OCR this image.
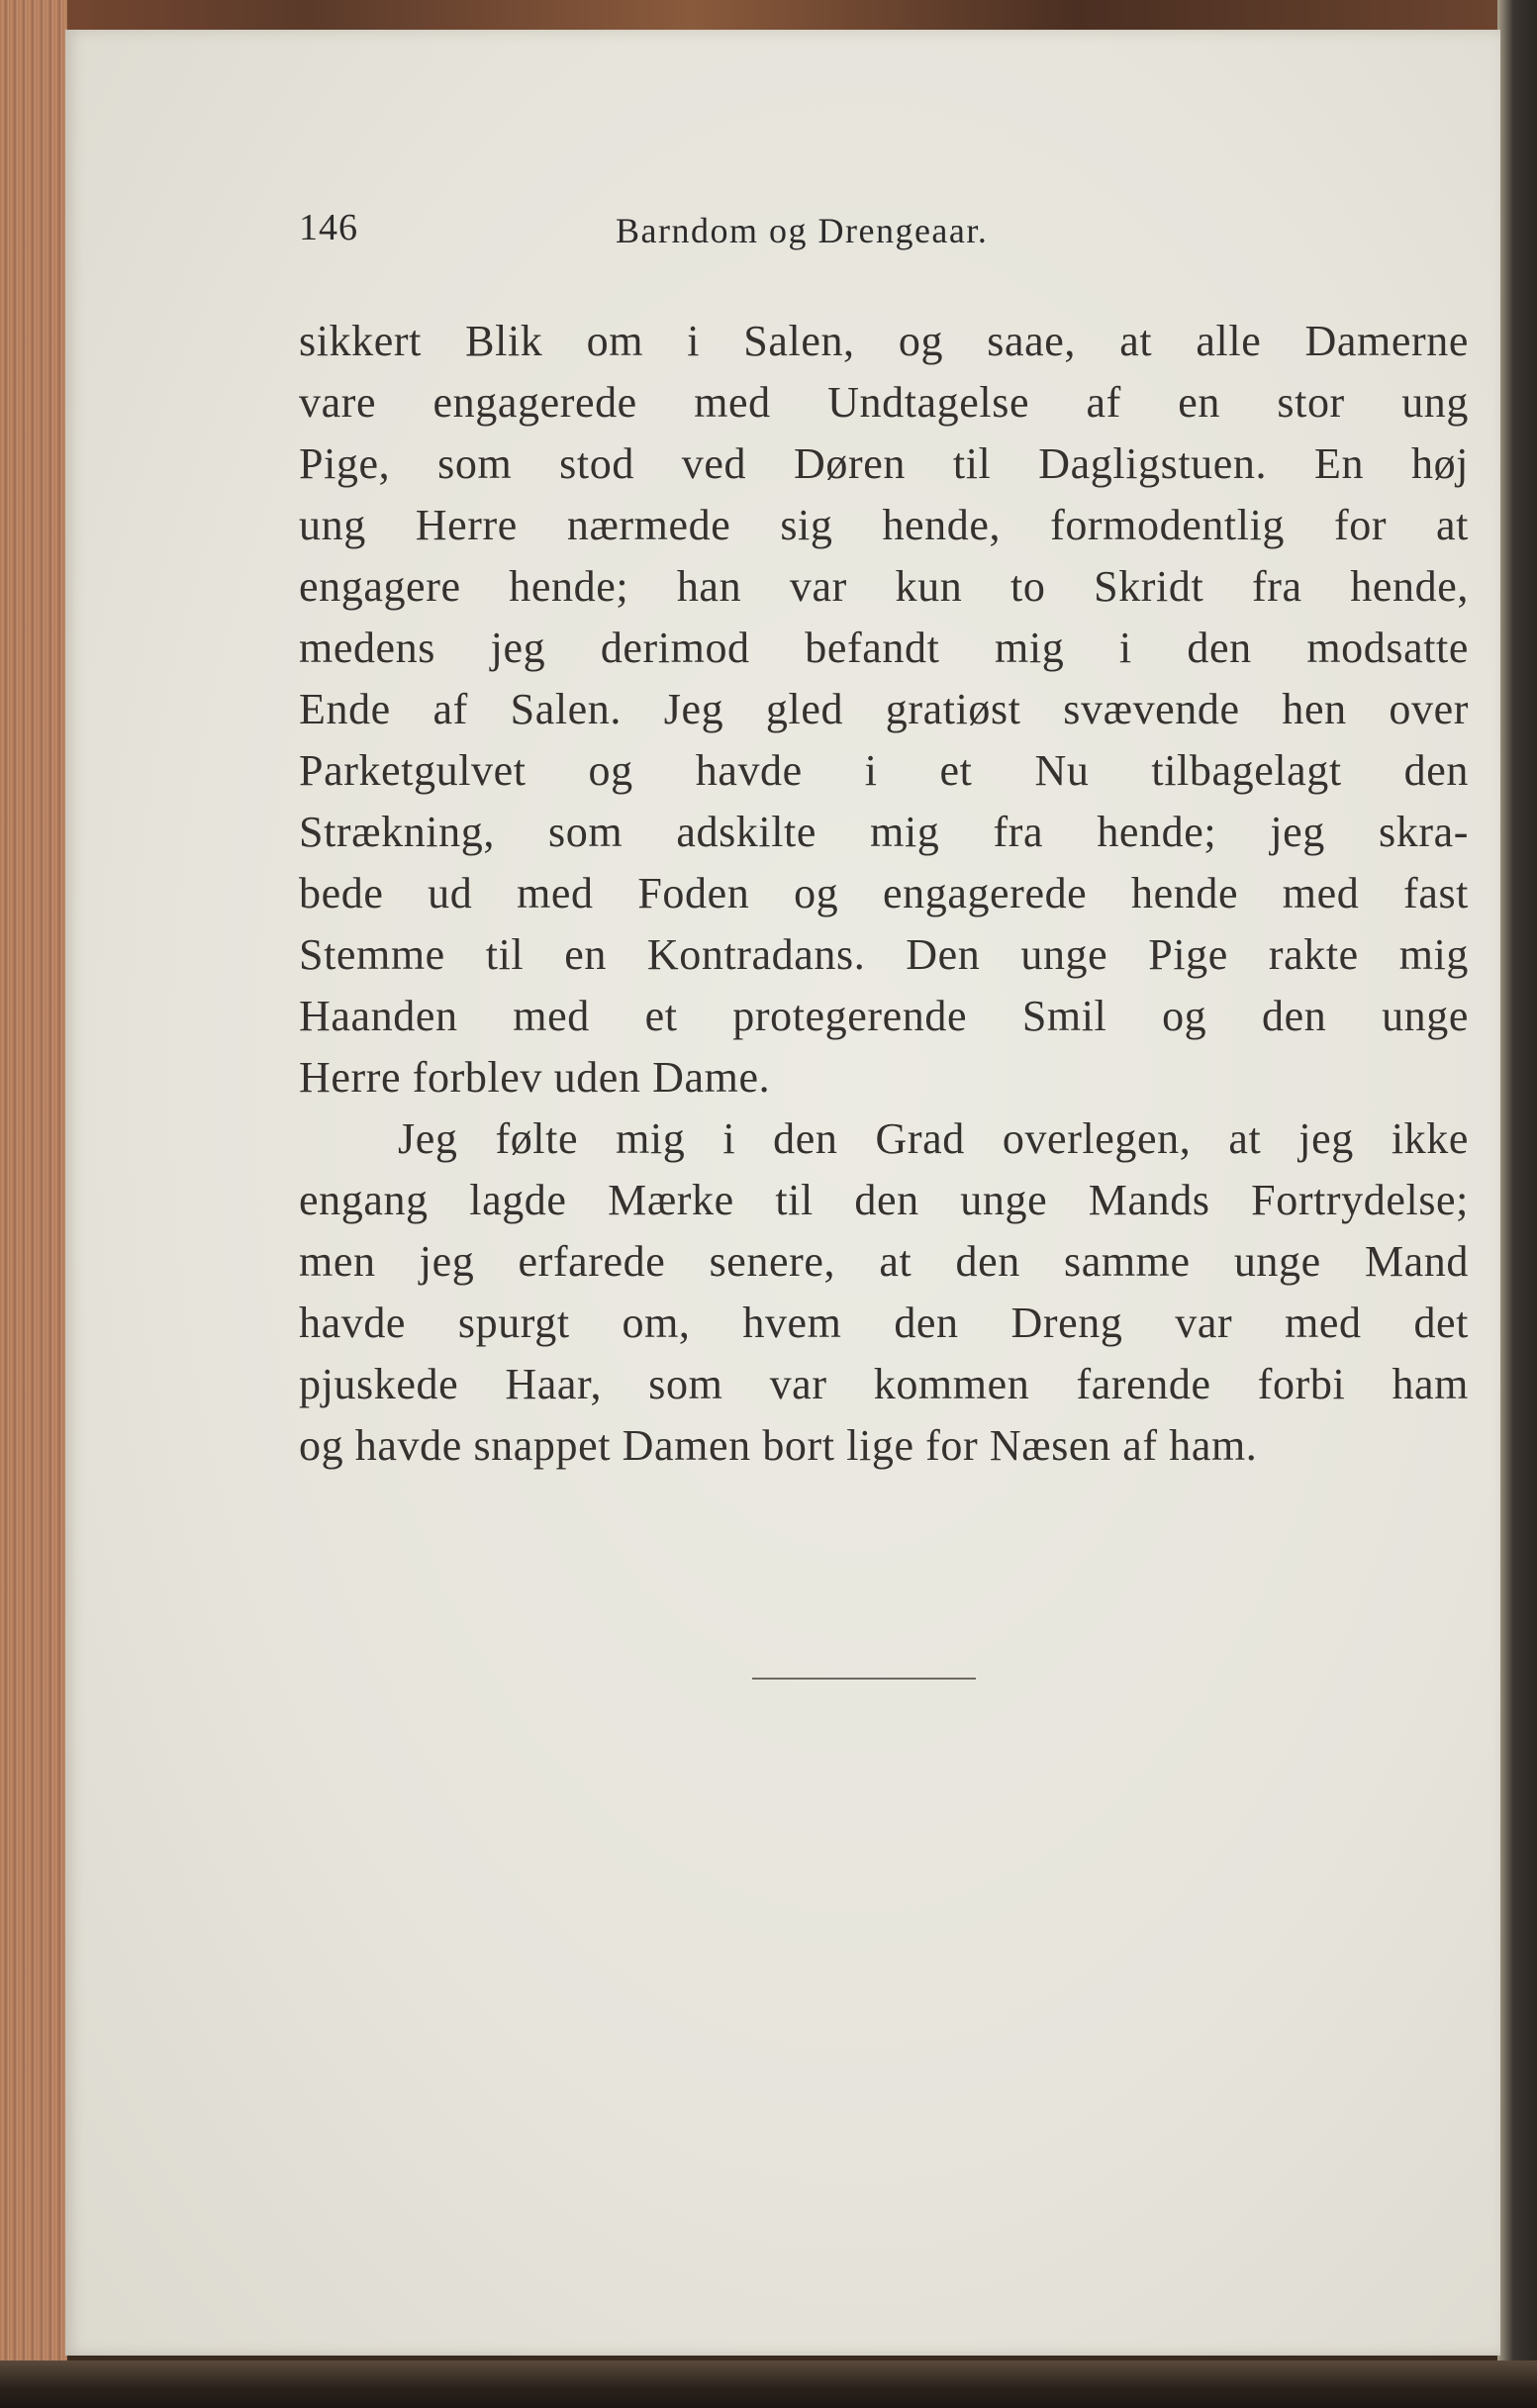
146	Barndom og Drengeaar.
sikkert Blik om i Salen, og saae, at alle Damerne
vare engagerede med Undtagelse af en stor ung
Pige, som stod ved Døren til Dagligstuen. En høj
ung Herre nærmede sig hende, formodentlig for at
engagere hende; han var kun to Skridt fra hende,
medens jeg derimod befandt mig i den modsatte
Ende af Salen. Jeg gled gratiøst svævende hen over
Parketgulvet og havde i et Nu tilbagelagt den
Strækning, som adskilte mig fra hende; jeg skra-
bede ud med Foden og engagerede hende med fast
Stemme til en Kontradans. Den unge Pige rakte mig
Haanden med et protegerende Smil og den unge
Herre forblev uden Dame.
Jeg følte mig i den Grad overlegen, at jeg ikke
engang lagde Mærke til den unge Mands Fortrydelse;
men jeg erfarede senere, at den samme unge Mand
havde spurgt om, hvem den Dreng var med det
pjuskede Haar, som var kommen farende forbi ham
og havde snappet Damen bort lige for Næsen af ham.
